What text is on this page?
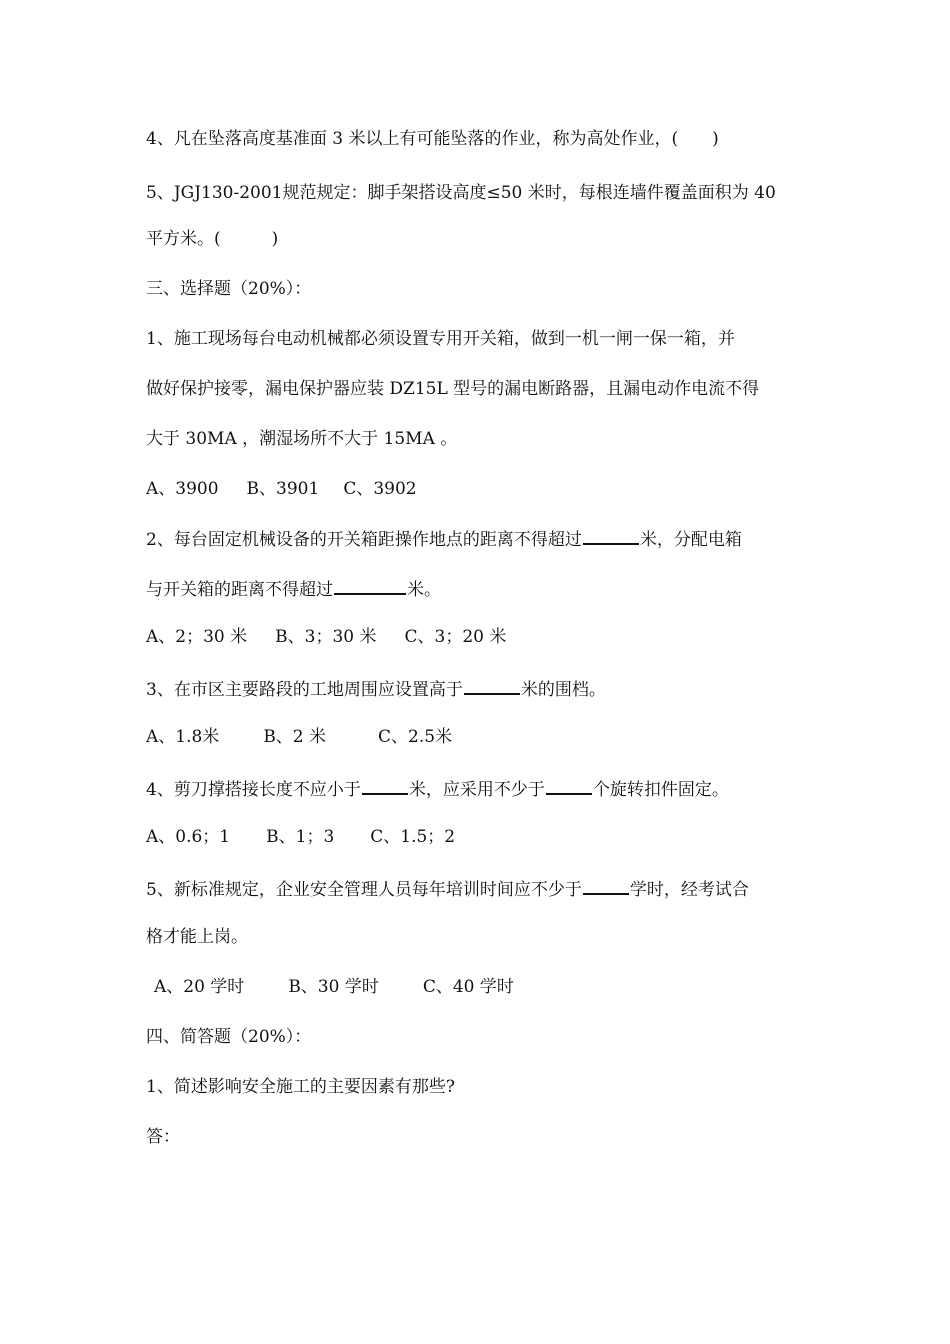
4、凡在坠落高度基准面 3 米以上有可能坠落的作业，称为高处作业，(　　)
5、JGJ130-2001规范规定：脚手架搭设高度≤50 米时，每根连墙件覆盖面积为 40
平方米。(　　　)
三、选择题（20%）：
1、施工现场每台电动机械都必须设置专用开关箱，做到一机一闸一保一箱，并
做好保护接零，漏电保护器应装 DZ15L 型号的漏电断路器，且漏电动作电流不得
大于 30MA ，潮湿场所不大于 15MA 。
A、3900 B、3901 C、3902
2、每台固定机械设备的开关箱距操作地点的距离不得超过	米，分配电箱
与开关箱的距离不得超过	米。
A、2；30 米 B、3；30 米 C、3；20 米
3、在市区主要路段的工地周围应设置高于	米的围档。
A、1.8米	B、2 米	C、2.5米
4、剪刀撑搭接长度不应小于	米，应采用不少于	个旋转扣件固定。
A、0.6；1 B、1；3 C、1.5；2
5、新标准规定，企业安全管理人员每年培训时间应不少于	学时，经考试合
格才能上岗。
A、20 学时	B、30 学时	C、40 学时
四、简答题（20%）：
1、简述影响安全施工的主要因素有那些?
答：
